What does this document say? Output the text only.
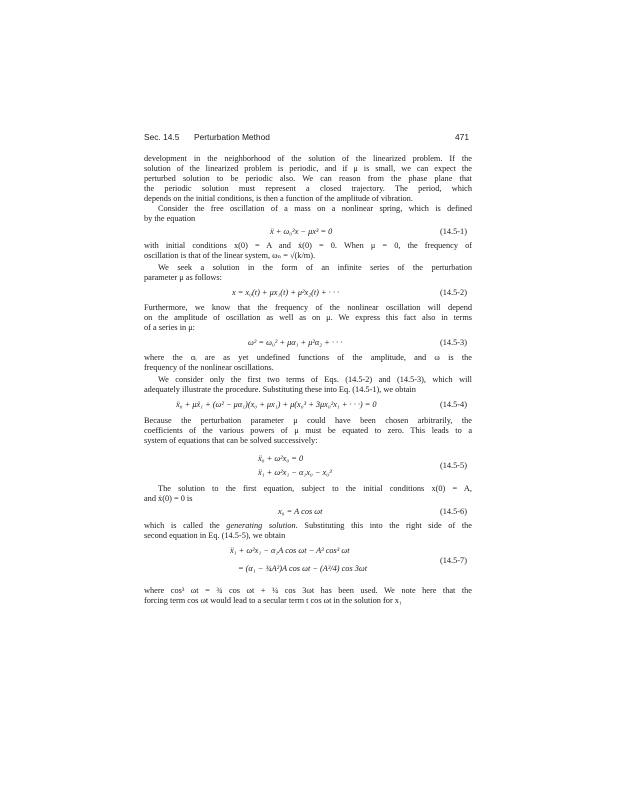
Sec. 14.5 Perturbation Method	471
development in the neighborhood of the solution of the linearized problem. If the
solution of the linearized problem is periodic, and if μ is small, we can expect the
perturbed solution to be periodic also. We can reason from the phase plane that
the periodic solution must represent a closed trajectory. The period, which
depends on the initial conditions, is then a function of the amplitude of vibration.
Consider the free oscillation of a mass on a nonlinear spring, which is defined
by the equation
ẍ + ω₀²x − μx³ = 0	(14.5-1)
with initial conditions x(0) = A and ẋ(0) = 0. When μ = 0, the frequency of
oscillation is that of the linear system, ωₙ = √(k/m).
We seek a solution in the form of an infinite series of the perturbation
parameter μ as follows:
x = x₀(t) + μx₁(t) + μ²x₂(t) + · · ·	(14.5-2)
Furthermore, we know that the frequency of the nonlinear oscillation will depend
on the amplitude of oscillation as well as on μ. We express this fact also in terms
of a series in μ:
ω² = ω₀² + μα₁ + μ²α₂ + · · ·	(14.5-3)
where the αᵢ are as yet undefined functions of the amplitude, and ω is the
frequency of the nonlinear oscillations.
We consider only the first two terms of Eqs. (14.5-2) and (14.5-3), which will
adequately illustrate the procedure. Substituting these into Eq. (14.5-1), we obtain
ẍ₀ + μẍ₁ + (ω² − μα₁)(x₀ + μx₁) + μ(x₀³ + 3μx₀²x₁ + · · ·) = 0	(14.5-4)
Because the perturbation parameter μ could have been chosen arbitrarily, the
coefficients of the various powers of μ must be equated to zero. This leads to a
system of equations that can be solved successively:
ẍ₀ + ω²x₀ = 0
ẍ₁ + ω²x₁ − α₁x₀ − x₀³
(14.5-5)
The solution to the first equation, subject to the initial conditions x(0) = A,
and ẋ(0) = 0 is
x₀ = A cos ωt	(14.5-6)
which is called the generating solution. Substituting this into the right side of the
second equation in Eq. (14.5-5), we obtain
ẍ₁ + ω²x₁ − α₁A cos ωt − A³ cos³ ωt
= (α₁ − ¾A²)A cos ωt − (A³/4) cos 3ωt
(14.5-7)
where cos³ ωt = ¾ cos ωt + ¼ cos 3ωt has been used. We note here that the
forcing term cos ωt would lead to a secular term t cos ωt in the solution for x₁
